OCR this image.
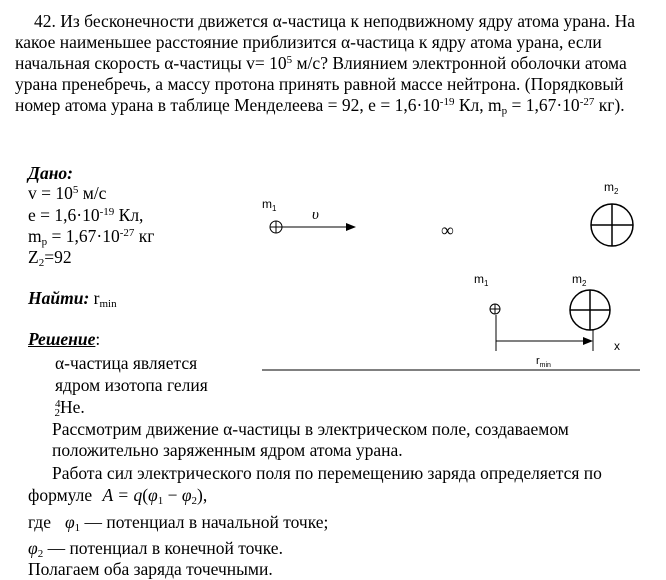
42. Из бесконечности движется α-частица к неподвижному ядру атома урана. На какое наименьшее расстояние приблизится α-частица к ядру атома урана, если начальная скорость α-частицы $v= 10^5$ м/с? Влиянием электронной оболочки атома урана пренебречь, а массу протона принять равной массе нейтрона. (Порядковый номер атома урана в таблице Менделеева = 92, $e = 1,6\cdot 10^{-19}$ Кл, $m_p = 1,67\cdot 10^{-27}$ кг).

Дано:
$v = 10^5$ м/с
$e = 1,6\cdot 10^{-19}$ Кл,
$m_p = 1,67\cdot 10^{-27}$ кг
$Z_2=92$
Найти: $r_{min}$
$m_1$ υ
$m_2$
∞
$m_1$	$m_2$
x
$r_{min}$
Решение:
α-частица является
ядром изотопа гелия
$^4_2$He.
Рассмотрим движение α-частицы в электрическом поле, создаваемом
положительно заряженным ядром атома урана.
Работа сил электрического поля по перемещению заряда определяется по
формуле $A = q(\varphi_1 - \varphi_2)$,
где $\varphi_1$ — потенциал в начальной точке;
$\varphi_2$ — потенциал в конечной точке.
Полагаем оба заряда точечными.
